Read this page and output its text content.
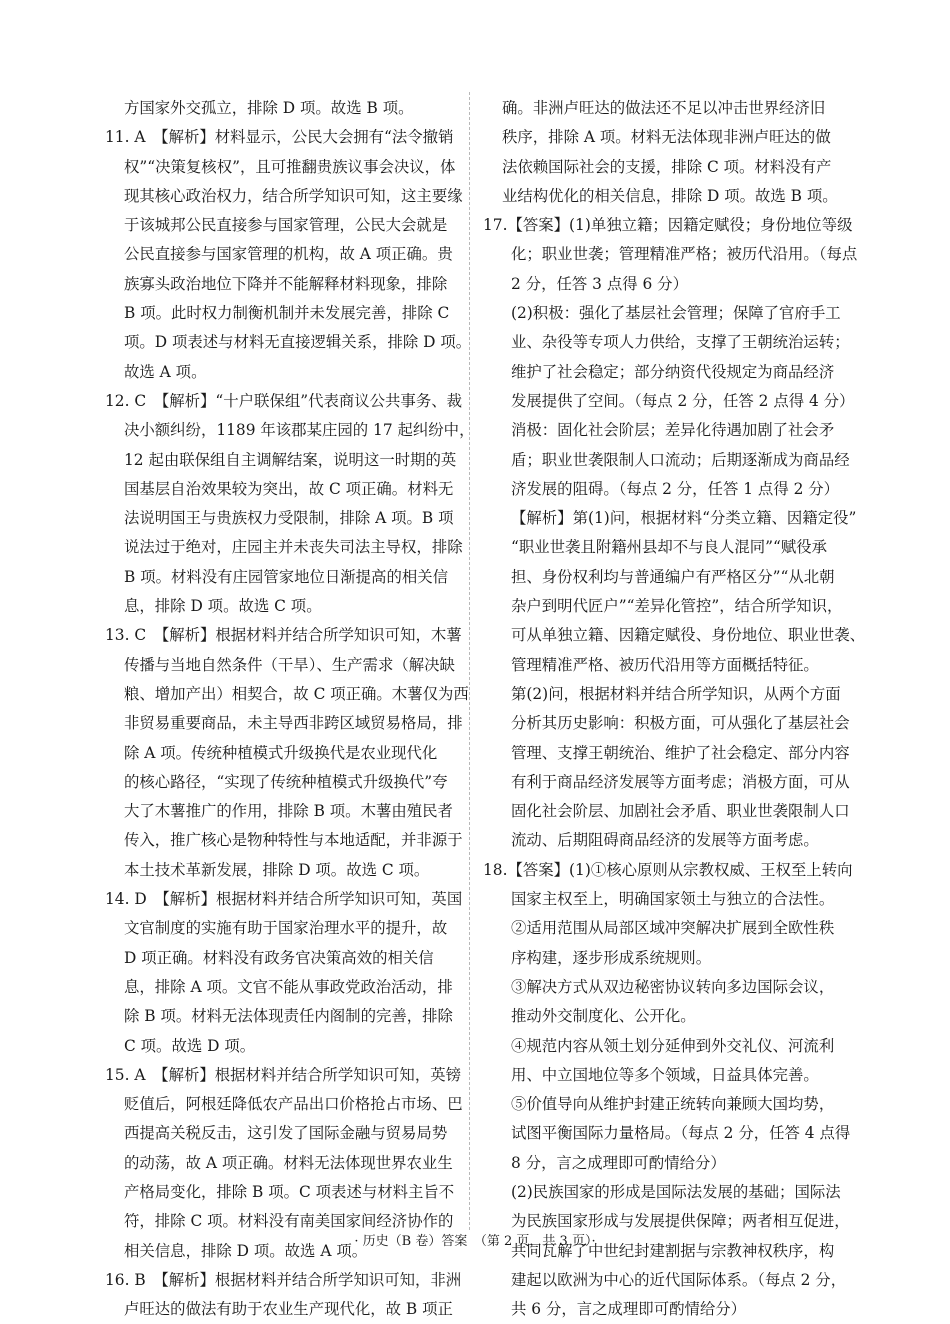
方国家外交孤立，排除 D 项。故选 B 项。
11. A　【解析】材料显示，公民大会拥有“法令撤销
权”“决策复核权”，且可推翻贵族议事会决议，体
现其核心政治权力，结合所学知识可知，这主要缘
于该城邦公民直接参与国家管理，公民大会就是
公民直接参与国家管理的机构，故 A 项正确。贵
族寡头政治地位下降并不能解释材料现象，排除
B 项。此时权力制衡机制并未发展完善，排除 C
项。D 项表述与材料无直接逻辑关系，排除 D 项。
故选 A 项。
12. C　【解析】“十户联保组”代表商议公共事务、裁
决小额纠纷，1189 年该郡某庄园的 17 起纠纷中，
12 起由联保组自主调解结案，说明这一时期的英
国基层自治效果较为突出，故 C 项正确。材料无
法说明国王与贵族权力受限制，排除 A 项。B 项
说法过于绝对，庄园主并未丧失司法主导权，排除
B 项。材料没有庄园管家地位日渐提高的相关信
息，排除 D 项。故选 C 项。
13. C　【解析】根据材料并结合所学知识可知，木薯
传播与当地自然条件（干旱）、生产需求（解决缺
粮、增加产出）相契合，故 C 项正确。木薯仅为西
非贸易重要商品，未主导西非跨区域贸易格局，排
除 A 项。传统种植模式升级换代是农业现代化
的核心路径，“实现了传统种植模式升级换代”夸
大了木薯推广的作用，排除 B 项。木薯由殖民者
传入，推广核心是物种特性与本地适配，并非源于
本土技术革新发展，排除 D 项。故选 C 项。
14. D　【解析】根据材料并结合所学知识可知，英国
文官制度的实施有助于国家治理水平的提升，故
D 项正确。材料没有政务官决策高效的相关信
息，排除 A 项。文官不能从事政党政治活动，排
除 B 项。材料无法体现责任内阁制的完善，排除
C 项。故选 D 项。
15. A　【解析】根据材料并结合所学知识可知，英镑
贬值后，阿根廷降低农产品出口价格抢占市场、巴
西提高关税反击，这引发了国际金融与贸易局势
的动荡，故 A 项正确。材料无法体现世界农业生
产格局变化，排除 B 项。C 项表述与材料主旨不
符，排除 C 项。材料没有南美国家间经济协作的
相关信息，排除 D 项。故选 A 项。
16. B　【解析】根据材料并结合所学知识可知，非洲
卢旺达的做法有助于农业生产现代化，故 B 项正
确。非洲卢旺达的做法还不足以冲击世界经济旧
秩序，排除 A 项。材料无法体现非洲卢旺达的做
法依赖国际社会的支援，排除 C 项。材料没有产
业结构优化的相关信息，排除 D 项。故选 B 项。
17.【答案】(1)单独立籍；因籍定赋役；身份地位等级
化；职业世袭；管理精准严格；被历代沿用。（每点
2 分，任答 3 点得 6 分）
(2)积极：强化了基层社会管理；保障了官府手工
业、杂役等专项人力供给，支撑了王朝统治运转；
维护了社会稳定；部分纳资代役规定为商品经济
发展提供了空间。（每点 2 分，任答 2 点得 4 分）
消极：固化社会阶层；差异化待遇加剧了社会矛
盾；职业世袭限制人口流动；后期逐渐成为商品经
济发展的阻碍。（每点 2 分，任答 1 点得 2 分）
【解析】第(1)问，根据材料“分类立籍、因籍定役”
“职业世袭且附籍州县却不与良人混同”“赋役承
担、身份权利均与普通编户有严格区分”“从北朝
杂户到明代匠户”“差异化管控”，结合所学知识，
可从单独立籍、因籍定赋役、身份地位、职业世袭、
管理精准严格、被历代沿用等方面概括特征。
第(2)问，根据材料并结合所学知识，从两个方面
分析其历史影响：积极方面，可从强化了基层社会
管理、支撑王朝统治、维护了社会稳定、部分内容
有利于商品经济发展等方面考虑；消极方面，可从
固化社会阶层、加剧社会矛盾、职业世袭限制人口
流动、后期阻碍商品经济的发展等方面考虑。
18.【答案】(1)①核心原则从宗教权威、王权至上转向
国家主权至上，明确国家领土与独立的合法性。
②适用范围从局部区域冲突解决扩展到全欧性秩
序构建，逐步形成系统规则。
③解决方式从双边秘密协议转向多边国际会议，
推动外交制度化、公开化。
④规范内容从领土划分延伸到外交礼仪、河流利
用、中立国地位等多个领域，日益具体完善。
⑤价值导向从维护封建正统转向兼顾大国均势，
试图平衡国际力量格局。（每点 2 分，任答 4 点得
8 分，言之成理即可酌情给分）
(2)民族国家的形成是国际法发展的基础；国际法
为民族国家形成与发展提供保障；两者相互促进，
共同瓦解了中世纪封建割据与宗教神权秩序，构
建起以欧洲为中心的近代国际体系。（每点 2 分，
共 6 分，言之成理即可酌情给分）
· 历史（B 卷）答案　（第 2 页，共 3 页）·
